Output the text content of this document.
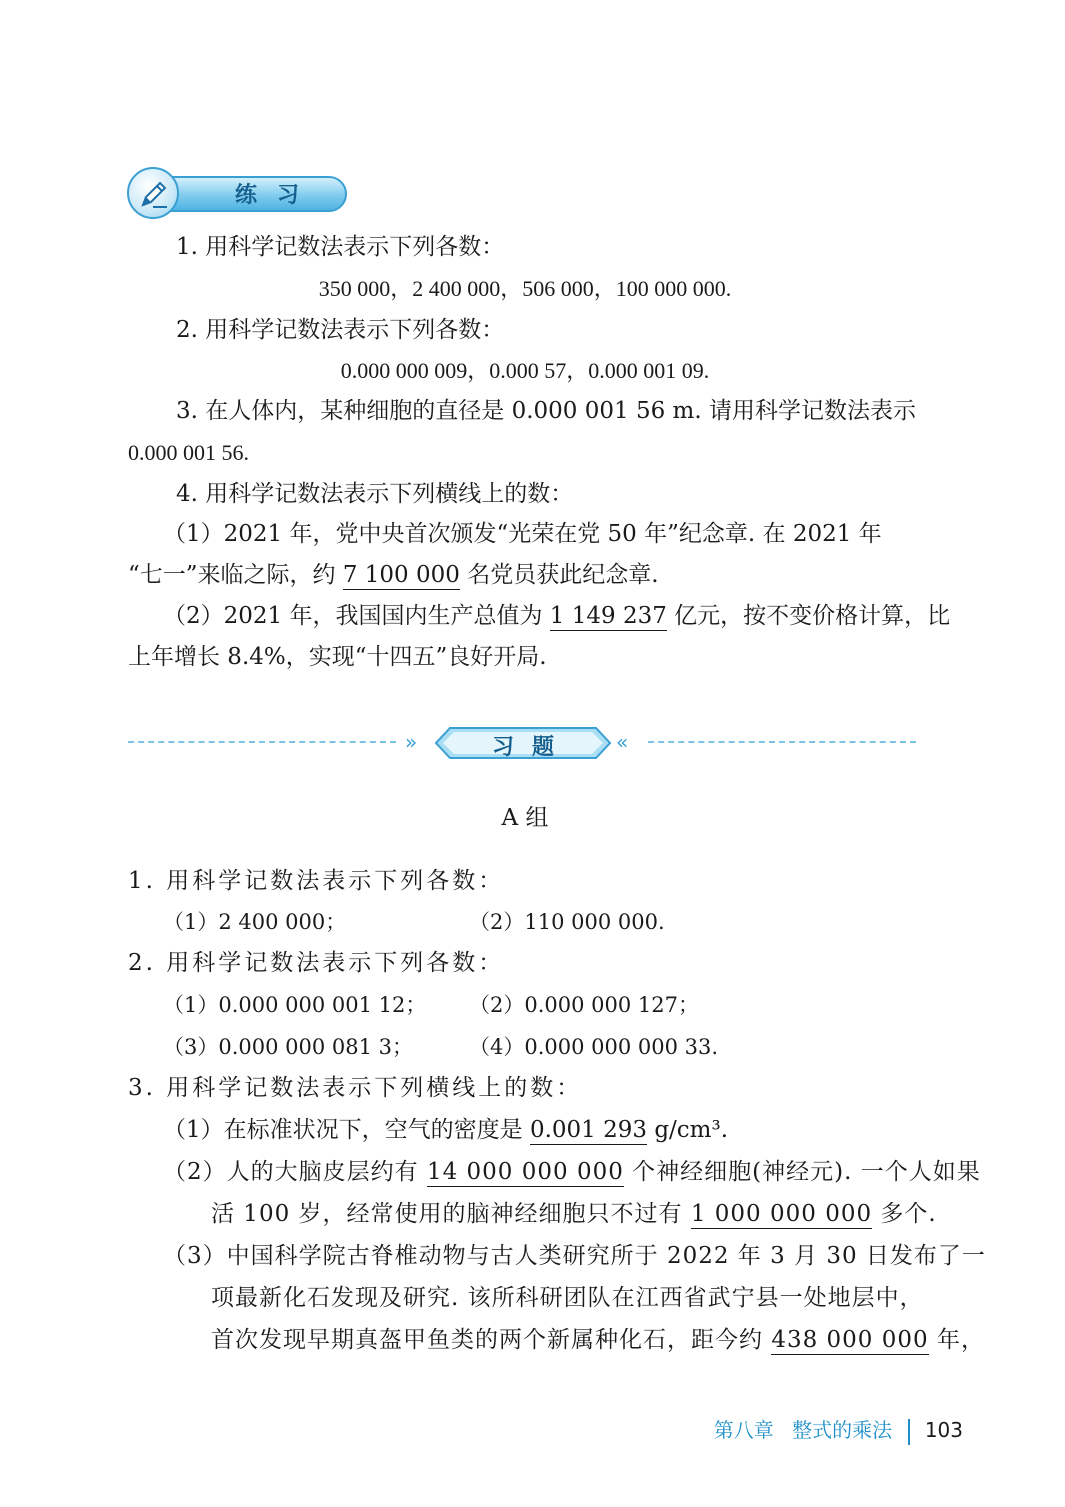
练习
1. 用科学记数法表示下列各数：
350 000，2 400 000，506 000，100 000 000.
2. 用科学记数法表示下列各数：
0.000 000 009，0.000 57，0.000 001 09.
3. 在人体内，某种细胞的直径是 0.000 001 56 m. 请用科学记数法表示
0.000 001 56.
4. 用科学记数法表示下列横线上的数：
（1）2021 年，党中央首次颁发“光荣在党 50 年”纪念章. 在 2021 年
“七一”来临之际，约 7 100 000 名党员获此纪念章.
（2）2021 年，我国国内生产总值为 1 149 237 亿元，按不变价格计算，比
上年增长 8.4%，实现“十四五”良好开局.
习题
»	«
A 组
1. 用科学记数法表示下列各数：
（1）2 400 000；	（2）110 000 000.
2. 用科学记数法表示下列各数：
（1）0.000 000 001 12； （2）0.000 000 127；
（3）0.000 000 081 3；	（4）0.000 000 000 33.
3. 用科学记数法表示下列横线上的数：
（1）在标准状况下，空气的密度是 0.001 293 g/cm³.
（2）人的大脑皮层约有 14 000 000 000 个神经细胞(神经元). 一个人如果
活 100 岁，经常使用的脑神经细胞只不过有 1 000 000 000 多个.
（3）中国科学院古脊椎动物与古人类研究所于 2022 年 3 月 30 日发布了一
项最新化石发现及研究. 该所科研团队在江西省武宁县一处地层中，
首次发现早期真盔甲鱼类的两个新属种化石，距今约 438 000 000 年，
第八章 整式的乘法 103
